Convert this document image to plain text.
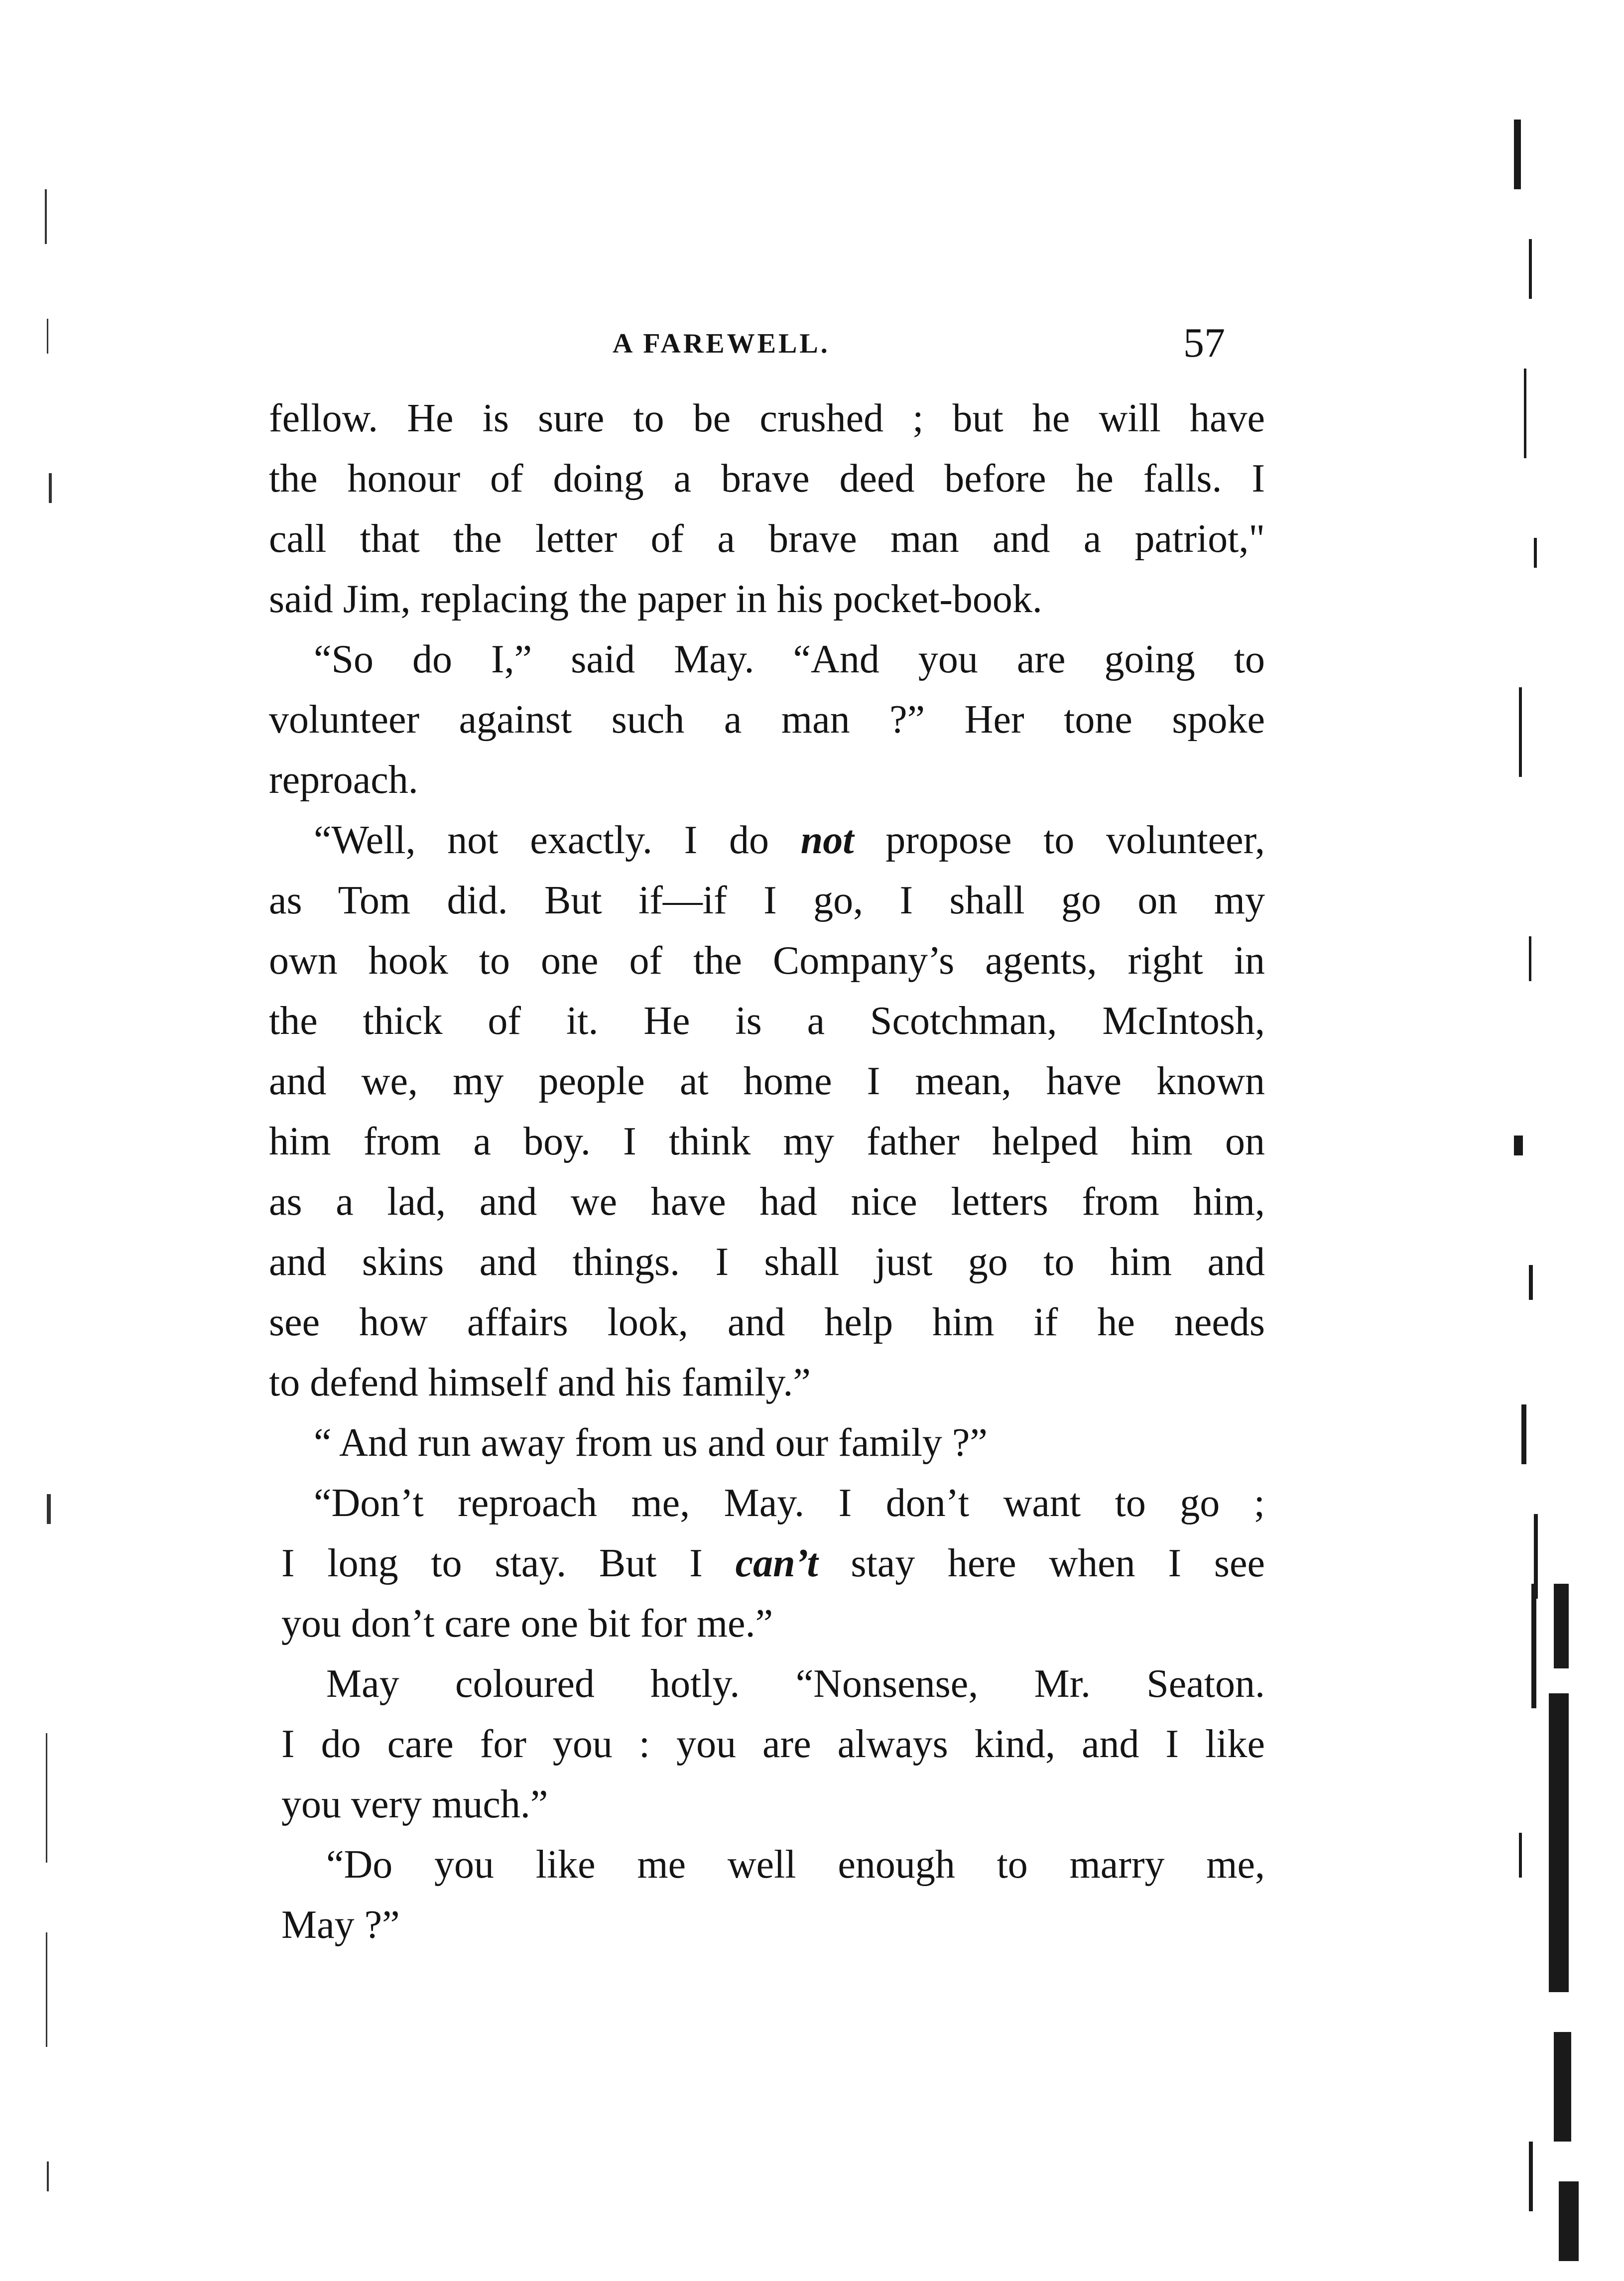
A FAREWELL.	57
fellow. He is sure to be crushed ; but he will have
the honour of doing a brave deed before he falls. I
call that the letter of a brave man and a patriot,"
said Jim, replacing the paper in his pocket-book.
“So do I,” said May. “And you are going to
volunteer against such a man ?” Her tone spoke
reproach.
“Well, not exactly. I do not propose to volunteer,
as Tom did. But if—if I go, I shall go on my
own hook to one of the Company’s agents, right in
the thick of it. He is a Scotchman, McIntosh,
and we, my people at home I mean, have known
him from a boy. I think my father helped him on
as a lad, and we have had nice letters from him,
and skins and things. I shall just go to him and
see how affairs look, and help him if he needs
to defend himself and his family.”
“ And run away from us and our family ?”
“Don’t reproach me, May. I don’t want to go ;
I long to stay. But I can’t stay here when I see
you don’t care one bit for me.”
May coloured hotly. “Nonsense, Mr. Seaton.
I do care for you : you are always kind, and I like
you very much.”
“Do you like me well enough to marry me,
May ?”
